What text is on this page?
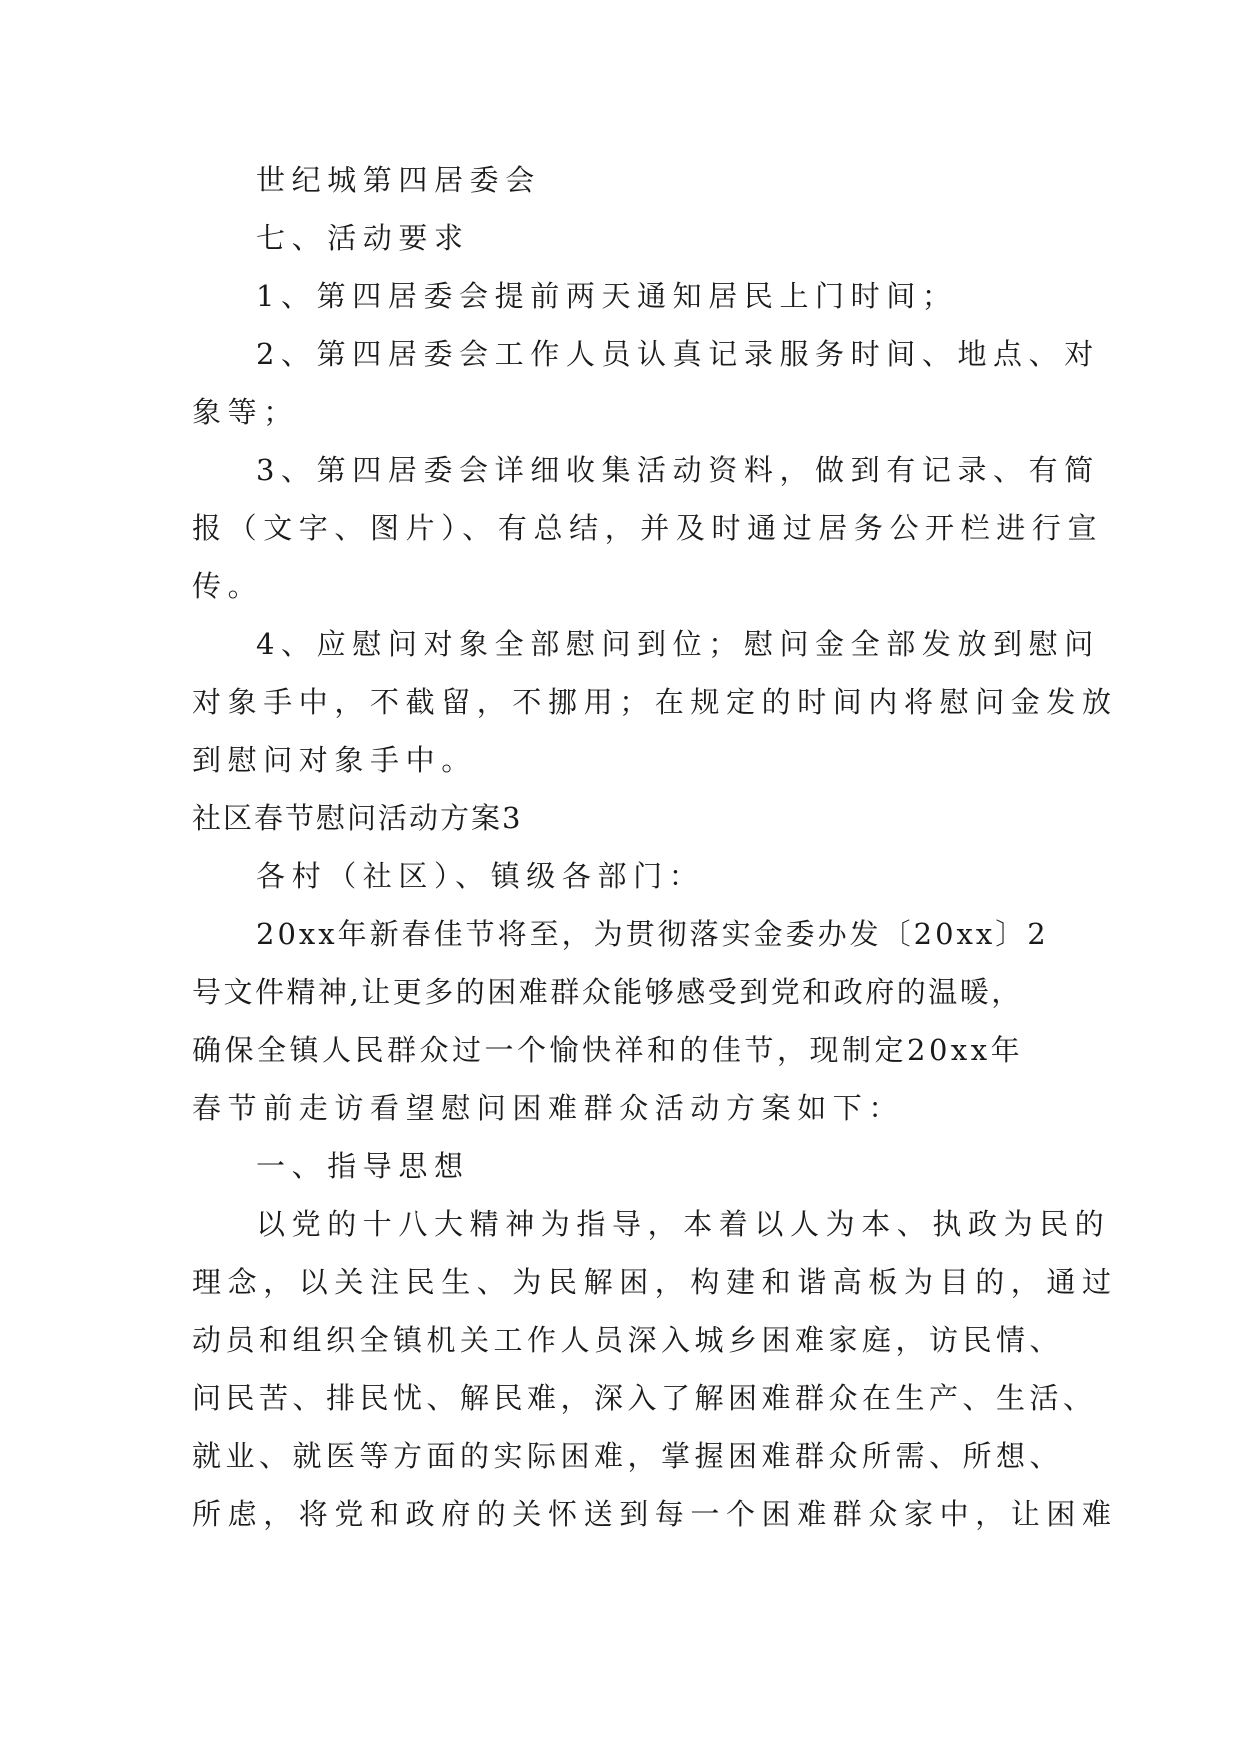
世纪城第四居委会
七、活动要求
1、第四居委会提前两天通知居民上门时间；
2、第四居委会工作人员认真记录服务时间、地点、对
象等；
3、第四居委会详细收集活动资料，做到有记录、有简
报（文字、图片）、有总结，并及时通过居务公开栏进行宣
传。
4、应慰问对象全部慰问到位；慰问金全部发放到慰问
对象手中，不截留，不挪用；在规定的时间内将慰问金发放
到慰问对象手中。
社区春节慰问活动方案3
各村（社区）、镇级各部门：
20xx年新春佳节将至，为贯彻落实金委办发〔20xx〕2
号文件精神,让更多的困难群众能够感受到党和政府的温暖，
确保全镇人民群众过一个愉快祥和的佳节，现制定20xx年
春节前走访看望慰问困难群众活动方案如下：
一、指导思想
以党的十八大精神为指导，本着以人为本、执政为民的
理念，以关注民生、为民解困，构建和谐高板为目的，通过
动员和组织全镇机关工作人员深入城乡困难家庭，访民情、
问民苦、排民忧、解民难，深入了解困难群众在生产、生活、
就业、就医等方面的实际困难，掌握困难群众所需、所想、
所虑，将党和政府的关怀送到每一个困难群众家中，让困难
